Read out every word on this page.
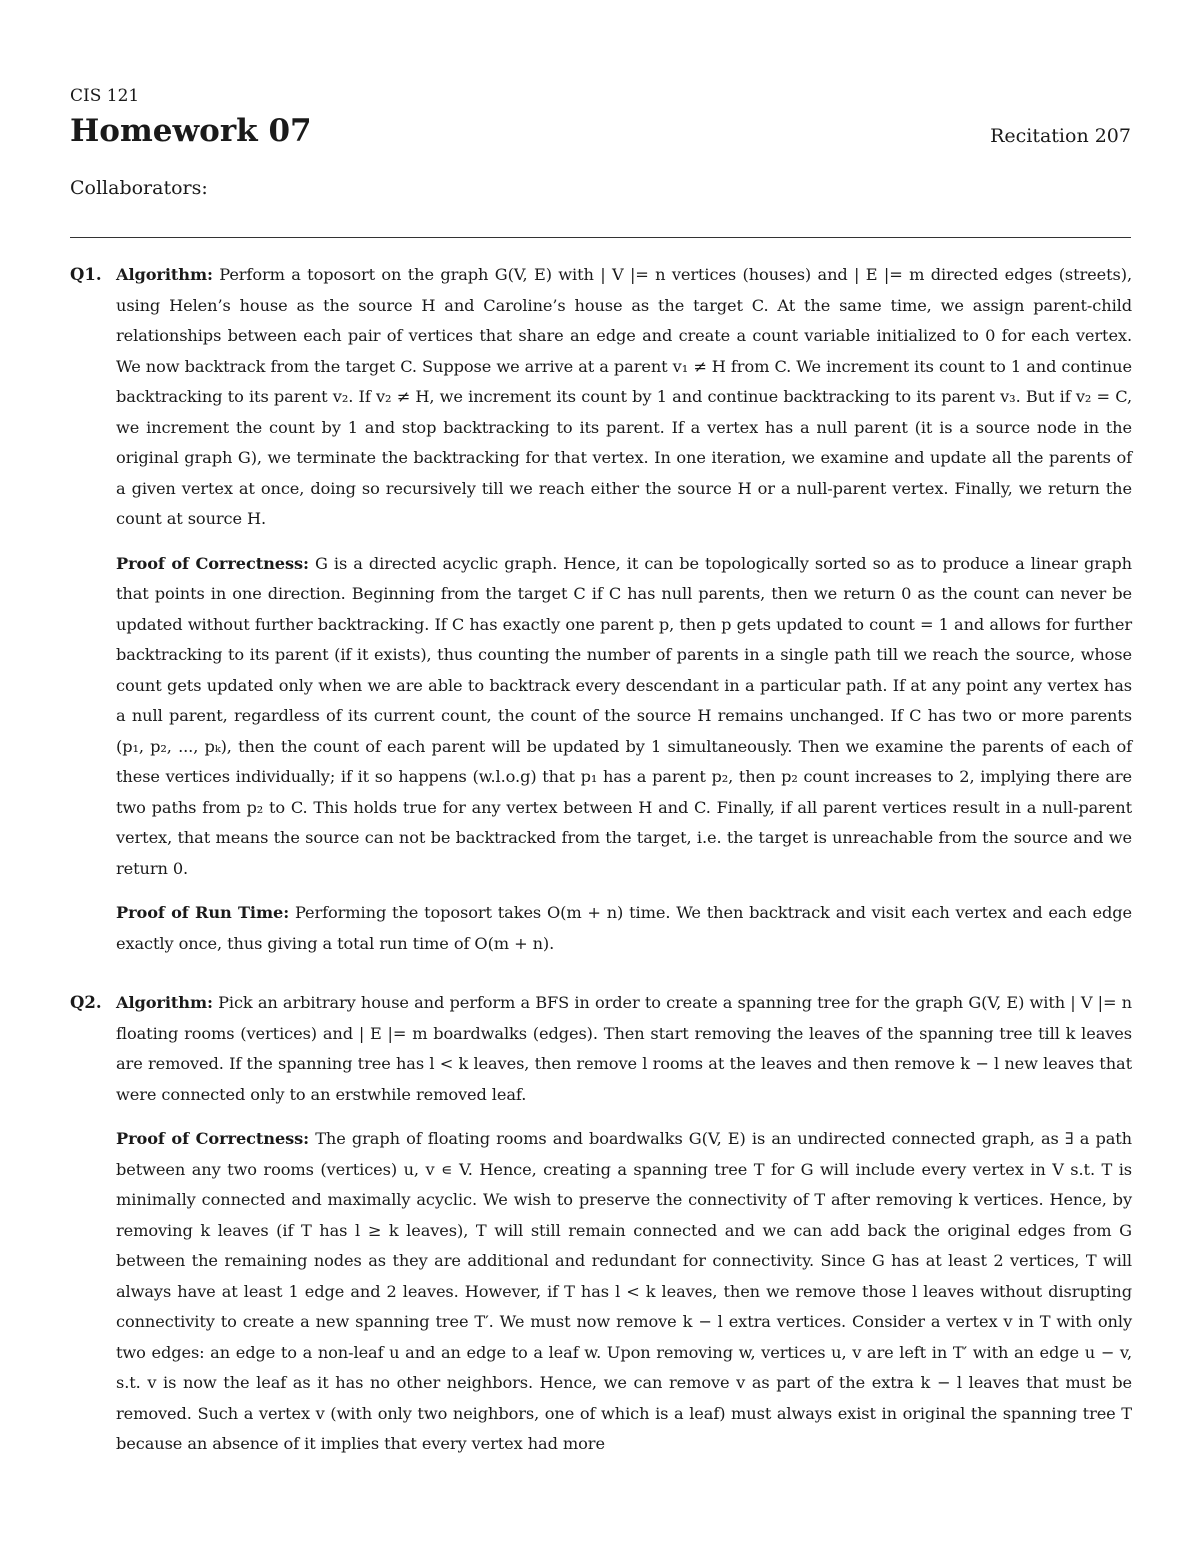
CIS 121
Homework 07	Recitation 207
Collaborators:
Q1. Algorithm: Perform a toposort on the graph G(V, E) with | V |= n vertices (houses) and | E |= m directed edges (streets), using Helen’s house as the source H and Caroline’s house as the target C. At the same time, we assign parent-child relationships between each pair of vertices that share an edge and create a count variable initialized to 0 for each vertex. We now backtrack from the target C. Suppose we arrive at a parent v₁ ≠ H from C. We increment its count to 1 and continue backtracking to its parent v₂. If v₂ ≠ H, we increment its count by 1 and continue backtracking to its parent v₃. But if v₂ = C, we increment the count by 1 and stop backtracking to its parent. If a vertex has a null parent (it is a source node in the original graph G), we terminate the backtracking for that vertex. In one iteration, we examine and update all the parents of a given vertex at once, doing so recursively till we reach either the source H or a null-parent vertex. Finally, we return the count at source H.

Proof of Correctness: G is a directed acyclic graph. Hence, it can be topologically sorted so as to produce a linear graph that points in one direction. Beginning from the target C if C has null parents, then we return 0 as the count can never be updated without further backtracking. If C has exactly one parent p, then p gets updated to count = 1 and allows for further backtracking to its parent (if it exists), thus counting the number of parents in a single path till we reach the source, whose count gets updated only when we are able to backtrack every descendant in a particular path. If at any point any vertex has a null parent, regardless of its current count, the count of the source H remains unchanged. If C has two or more parents (p₁, p₂, ..., pₖ), then the count of each parent will be updated by 1 simultaneously. Then we examine the parents of each of these vertices individually; if it so happens (w.l.o.g) that p₁ has a parent p₂, then p₂ count increases to 2, implying there are two paths from p₂ to C. This holds true for any vertex between H and C. Finally, if all parent vertices result in a null-parent vertex, that means the source can not be backtracked from the target, i.e. the target is unreachable from the source and we return 0.

Proof of Run Time: Performing the toposort takes O(m + n) time. We then backtrack and visit each vertex and each edge exactly once, thus giving a total run time of O(m + n).

Q2. Algorithm: Pick an arbitrary house and perform a BFS in order to create a spanning tree for the graph G(V, E) with | V |= n floating rooms (vertices) and | E |= m boardwalks (edges). Then start removing the leaves of the spanning tree till k leaves are removed. If the spanning tree has l < k leaves, then remove l rooms at the leaves and then remove k − l new leaves that were connected only to an erstwhile removed leaf.

Proof of Correctness: The graph of floating rooms and boardwalks G(V, E) is an undirected connected graph, as ∃ a path between any two rooms (vertices) u, v ∊ V. Hence, creating a spanning tree T for G will include every vertex in V s.t. T is minimally connected and maximally acyclic. We wish to preserve the connectivity of T after removing k vertices. Hence, by removing k leaves (if T has l ≥ k leaves), T will still remain connected and we can add back the original edges from G between the remaining nodes as they are additional and redundant for connectivity. Since G has at least 2 vertices, T will always have at least 1 edge and 2 leaves. However, if T has l < k leaves, then we remove those l leaves without disrupting connectivity to create a new spanning tree T′. We must now remove k − l extra vertices. Consider a vertex v in T with only two edges: an edge to a non-leaf u and an edge to a leaf w. Upon removing w, vertices u, v are left in T′ with an edge u − v, s.t. v is now the leaf as it has no other neighbors. Hence, we can remove v as part of the extra k − l leaves that must be removed. Such a vertex v (with only two neighbors, one of which is a leaf) must always exist in original the spanning tree T because an absence of it implies that every vertex had more
